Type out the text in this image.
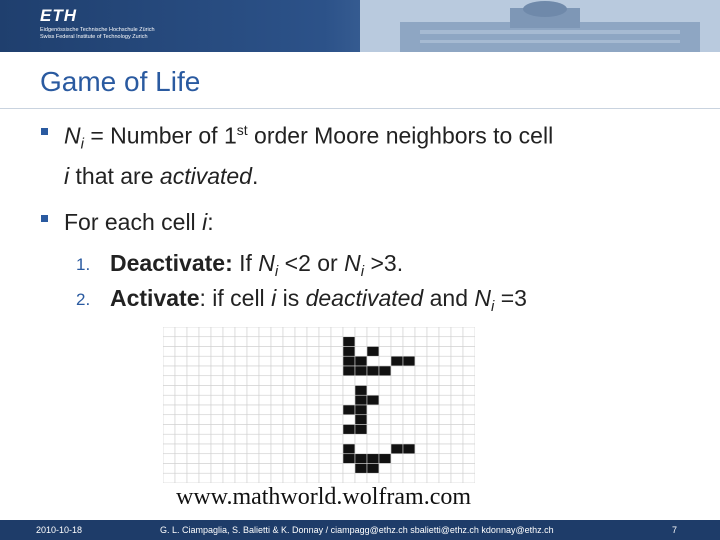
ETH
Eidgenössische Technische Hochschule Zürich
Swiss Federal Institute of Technology Zurich
Game of Life
$N_i$ = Number of 1st order Moore neighbors to cell
i that are activated.
For each cell i:
1. Deactivate: If $N_i <2$ or $N_i >3$.
2. Activate: if cell i is deactivated and $N_i =3$
www.mathworld.wolfram.com
2010-10-18	G. L. Ciampaglia, S. Balietti & K. Donnay / ciampagg@ethz.ch sbalietti@ethz.ch kdonnay@ethz.ch	7
